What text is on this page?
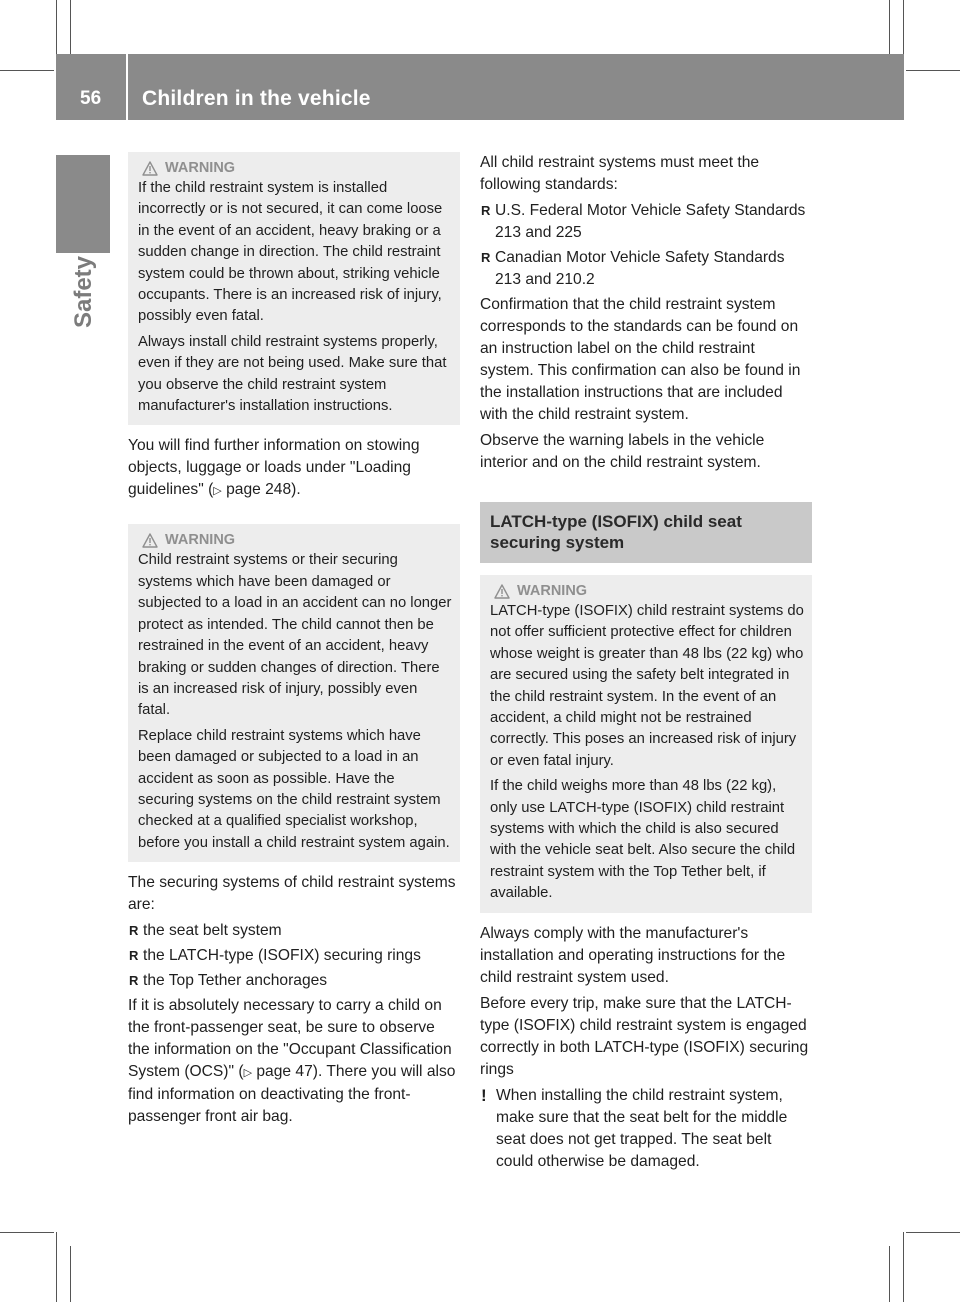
56 Children in the vehicle
Safety
WARNING

If the child restraint system is installed incorrectly or is not secured, it can come loose in the event of an accident, heavy braking or a sudden change in direction. The child restraint system could be thrown about, striking vehicle occupants. There is an increased risk of injury, possibly even fatal.

Always install child restraint systems properly, even if they are not being used. Make sure that you observe the child restraint system manufacturer's installation instructions.

You will find further information on stowing objects, luggage or loads under "Loading guidelines" (▷ page 248).

WARNING

Child restraint systems or their securing systems which have been damaged or subjected to a load in an accident can no longer protect as intended. The child cannot then be restrained in the event of an accident, heavy braking or sudden changes of direction. There is an increased risk of injury, possibly even fatal.

Replace child restraint systems which have been damaged or subjected to a load in an accident as soon as possible. Have the securing systems on the child restraint system checked at a qualified specialist workshop, before you install a child restraint system again.

The securing systems of child restraint systems are:

R the seat belt system
R the LATCH-type (ISOFIX) securing rings
R the Top Tether anchorages

If it is absolutely necessary to carry a child on the front-passenger seat, be sure to observe the information on the "Occupant Classification System (OCS)" (▷ page 47). There you will also find information on deactivating the front-passenger front air bag.

All child restraint systems must meet the following standards:

R U.S. Federal Motor Vehicle Safety Standards 213 and 225
R Canadian Motor Vehicle Safety Standards 213 and 210.2

Confirmation that the child restraint system corresponds to the standards can be found on an instruction label on the child restraint system. This confirmation can also be found in the installation instructions that are included with the child restraint system.

Observe the warning labels in the vehicle interior and on the child restraint system.

LATCH-type (ISOFIX) child seat securing system
WARNING

LATCH-type (ISOFIX) child restraint systems do not offer sufficient protective effect for children whose weight is greater than 48 lbs (22 kg) who are secured using the safety belt integrated in the child restraint system. In the event of an accident, a child might not be restrained correctly. This poses an increased risk of injury or even fatal injury.

If the child weighs more than 48 lbs (22 kg), only use LATCH-type (ISOFIX) child restraint systems with which the child is also secured with the vehicle seat belt. Also secure the child restraint system with the Top Tether belt, if available.

Always comply with the manufacturer's installation and operating instructions for the child restraint system used.

Before every trip, make sure that the LATCH-type (ISOFIX) child restraint system is engaged correctly in both LATCH-type (ISOFIX) securing rings

! When installing the child restraint system, make sure that the seat belt for the middle seat does not get trapped. The seat belt could otherwise be damaged.
